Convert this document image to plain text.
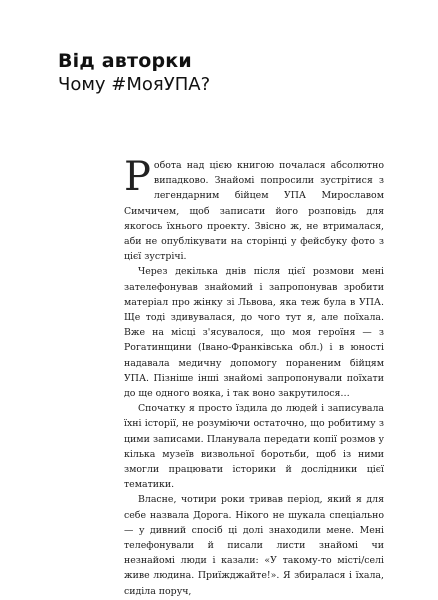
Від авторки
Чому #МояУПА?

Робота над цією книгою почалася абсолютно випадково. Знайомі попросили зустрітися з легендарним бійцем УПА Мирославом Симчичем, щоб записати його розповідь для якогось їхнього проекту. Звісно ж, не втрималася, аби не опублікувати на сторінці у фейсбуку фото з цієї зустрічі.

Через декілька днів після цієї розмови мені зателефонував знайомий і запропонував зробити матеріал про жінку зі Львова, яка теж була в УПА. Ще тоді здивувалася, до чого тут я, але поїхала. Вже на місці з'ясувалося, що моя героїня — з Рогатинщини (Івано-Франківська обл.) і в юності надавала медичну допомогу пораненим бійцям УПА. Пізніше інші знайомі запропонували поїхати до ще одного вояка, і так воно закрутилося…

Спочатку я просто їздила до людей і записувала їхні історії, не розуміючи остаточно, що робитиму з цими записами. Планувала передати копії розмов у кілька музеїв визвольної боротьби, щоб із ними змогли працювати історики й дослідники цієї тематики.

Власне, чотири роки тривав період, який я для себе назвала Дорога. Нікого не шукала спеціально — у дивний спосіб ці долі знаходили мене. Мені телефонували й писали листи знайомі чи незнайомі люди і казали: «У такому-то місті/селі живе людина. Приїжджайте!». Я збиралася і їхала, сиділа поруч,
